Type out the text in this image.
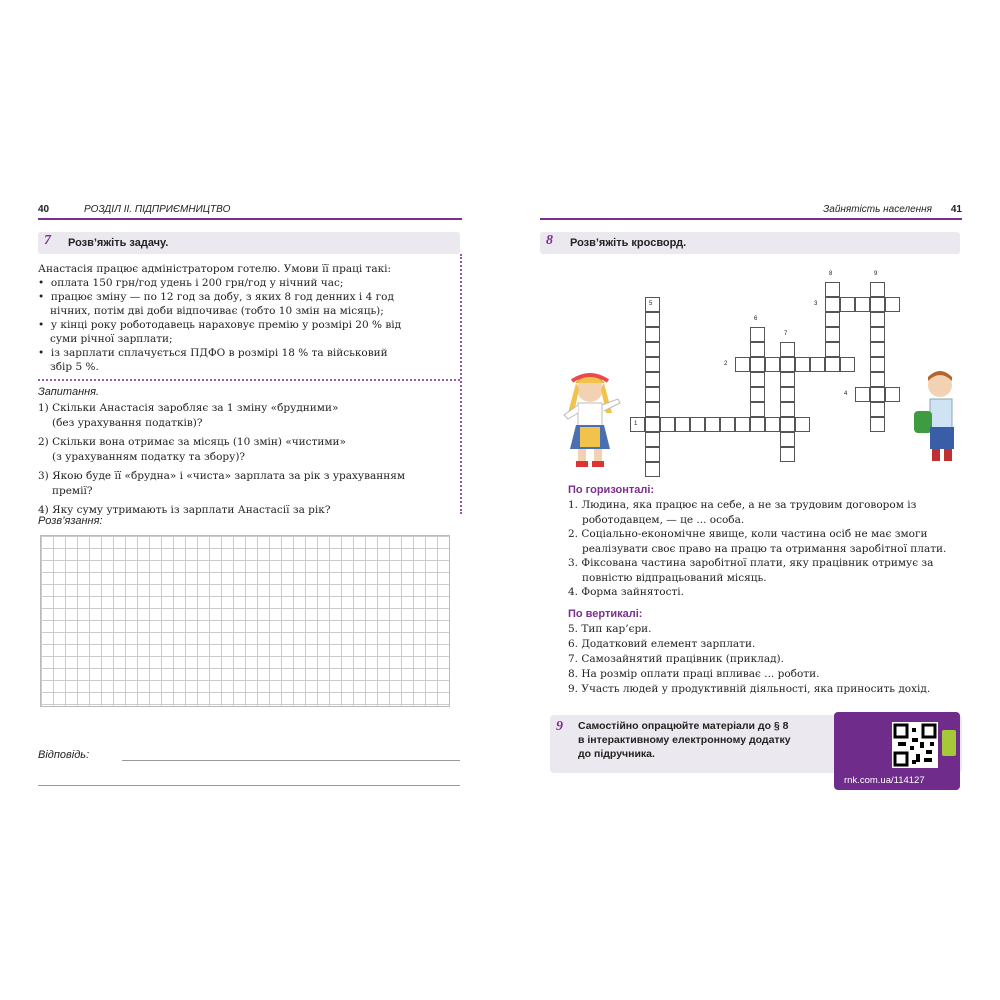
40	РОЗДІЛ ІІ. ПІДПРИЄМНИЦТВО
7	Розв’яжіть задачу.
Анастасія працює адміністратором готелю. Умови її праці такі:
•  оплата 150 грн/год удень і 200 грн/год у нічний час;
•  працює зміну — по 12 год за добу, з яких 8 год денних і 4 год
нічних, потім дві доби відпочиває (тобто 10 змін на місяць);
•  у кінці року роботодавець нараховує премію у розмірі 20 % від
суми річної зарплати;
•  із зарплати сплачується ПДФО в розмірі 18 % та військовий
збір 5 %.
Запитання.
1) Скільки Анастасія заробляє за 1 зміну «брудними»
(без урахування податків)?
2) Скільки вона отримає за місяць (10 змін) «чистими»
(з урахуванням податку та збору)?
3) Якою буде її «брудна» і «чиста» зарплата за рік з урахуванням
премії?
4) Яку суму утримають із зарплати Анастасії за рік?
Розв’язання:
Відповідь:
Зайнятість населення 41
8	Розв’яжіть кросворд.
1
2
3
4
5
6
7
8	9
По горизонталі:
1. Людина, яка працює на себе, а не за трудовим договором із
роботодавцем, — це ... особа.
2. Соціально-економічне явище, коли частина осіб не має змоги
реалізувати своє право на працю та отримання заробітної плати.
3. Фіксована частина заробітної плати, яку працівник отримує за
повністю відпрацьований місяць.
4. Форма зайнятості.
По вертикалі:
5. Тип кар’єри.
6. Додатковий елемент зарплати.
7. Самозайнятий працівник (приклад).
8. На розмір оплати праці впливає ... роботи.
9. Участь людей у продуктивній діяльності, яка приносить дохід.
9	Самостійно опрацюйте матеріали до § 8
в інтерактивному електронному додатку
до підручника.
rnk.com.ua/114127
